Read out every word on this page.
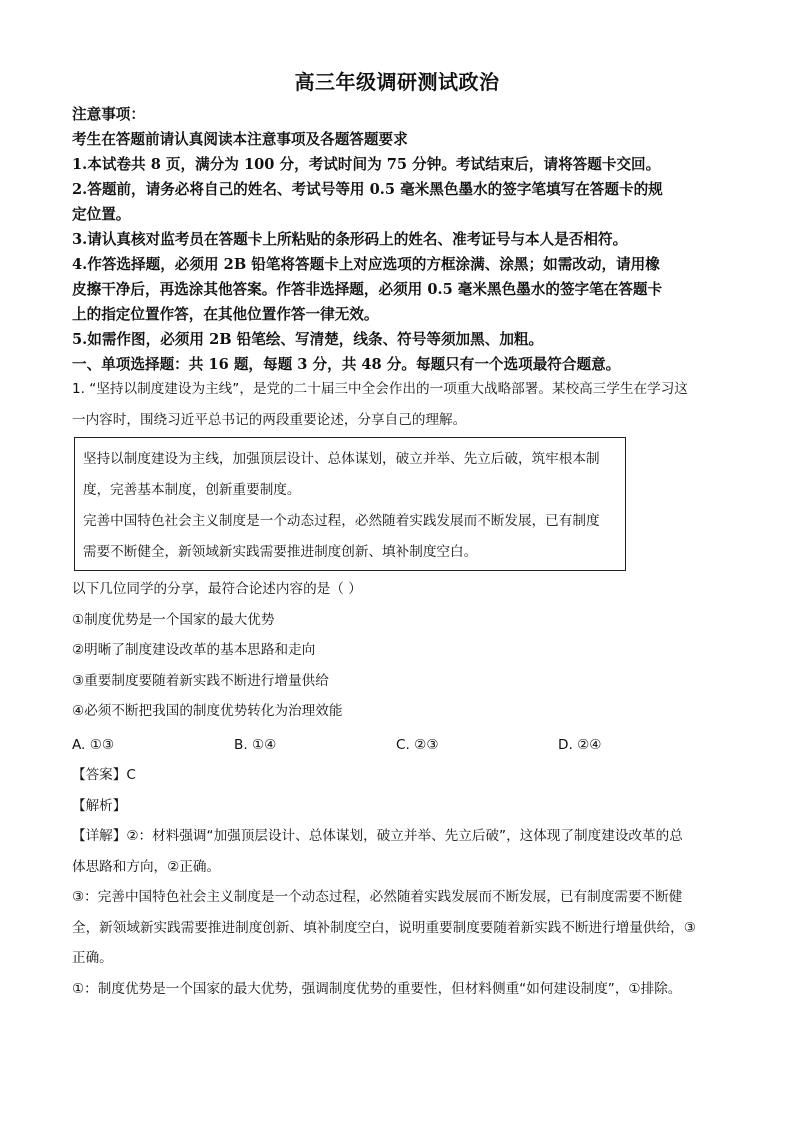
高三年级调研测试政治

注意事项：

考生在答题前请认真阅读本注意事项及各题答题要求

1.本试卷共 8 页，满分为 100 分，考试时间为 75 分钟。考试结束后，请将答题卡交回。

2.答题前，请务必将自己的姓名、考试号等用 0.5 毫米黑色墨水的签字笔填写在答题卡的规

定位置。

3.请认真核对监考员在答题卡上所粘贴的条形码上的姓名、准考证号与本人是否相符。

4.作答选择题，必须用 2B 铅笔将答题卡上对应选项的方框涂满、涂黑；如需改动，请用橡

皮擦干净后，再选涂其他答案。作答非选择题，必须用 0.5 毫米黑色墨水的签字笔在答题卡

上的指定位置作答，在其他位置作答一律无效。

5.如需作图，必须用 2B 铅笔绘、写清楚，线条、符号等须加黑、加粗。

一、单项选择题：共 16 题，每题 3 分，共 48 分。每题只有一个选项最符合题意。

1. “坚持以制度建设为主线”，是党的二十届三中全会作出的一项重大战略部署。某校高三学生在学习这

一内容时，围绕习近平总书记的两段重要论述，分享自己的理解。

坚持以制度建设为主线，加强顶层设计、总体谋划，破立并举、先立后破，筑牢根本制

度，完善基本制度，创新重要制度。

完善中国特色社会主义制度是一个动态过程，必然随着实践发展而不断发展，已有制度

需要不断健全，新领域新实践需要推进制度创新、填补制度空白。

以下几位同学的分享，最符合论述内容的是（ ）

①制度优势是一个国家的最大优势

②明晰了制度建设改革的基本思路和走向

③重要制度要随着新实践不断进行增量供给

④必须不断把我国的制度优势转化为治理效能

A. ①③	B. ①④	C. ②③	D. ②④

【答案】C

【解析】

【详解】②：材料强调“加强顶层设计、总体谋划，破立并举、先立后破”，这体现了制度建设改革的总

体思路和方向，②正确。

③：完善中国特色社会主义制度是一个动态过程，必然随着实践发展而不断发展，已有制度需要不断健

全，新领域新实践需要推进制度创新、填补制度空白，说明重要制度要随着新实践不断进行增量供给，③

正确。

①：制度优势是一个国家的最大优势，强调制度优势的重要性，但材料侧重“如何建设制度”，①排除。
